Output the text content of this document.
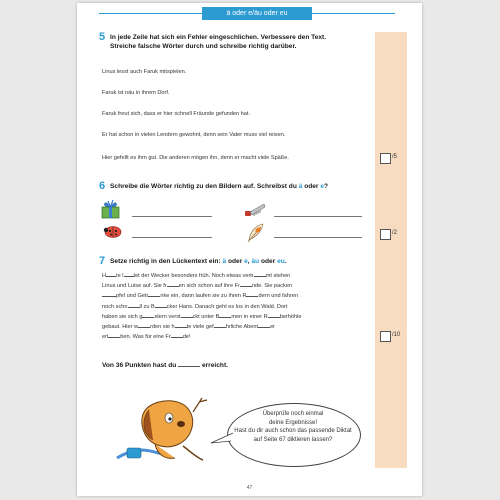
ä oder e/äu oder eu
5 In jede Zeile hat sich ein Fehler eingeschlichen. Verbessere den Text.
Streiche falsche Wörter durch und schreibe richtig darüber.
Linus lesst auch Faruk mitspielen.
Faruk ist näu in ihrem Dorf.
Faruk freut sich, dass er hier schnell Fräunde gefunden hat.
Er hat schon in vielen Lendern gewohnt, denn sein Vater muss viel reisen.
Hier gefellt es ihm gut. Die anderen mögen ihn, denn er macht viele Späße.	/5
6 Schreibe die Wörter richtig zu den Bildern auf. Schreibst du ä oder e?
/2
7 Setze richtig in den Lückentext ein: ä oder e, äu oder eu.
H te l tet der Wecker besonders früh. Noch etwas vertr mt stehen
Linus und Luise auf. Sie fr en sich schon auf ihre Fr nde. Sie packen
pfel und Getr nke ein, dann laufen sie zu ihren R dern und fahren
noch schn ll zu B cker Hans. Danach geht es los in den Wald. Dort
haben sie sich g stern verst ckt unter B men in einer R berhöhle
gebaut. Hier w rden sie h te viele gef hrliche Abent er
erl ben. Was für eine Fr de!	/10
Von 36 Punkten hast du	erreicht.
Überprüfe noch einmal
deine Ergebnisse!
Hast du dir auch schon das passende Diktat
auf Seite 67 diktieren lassen?
47
